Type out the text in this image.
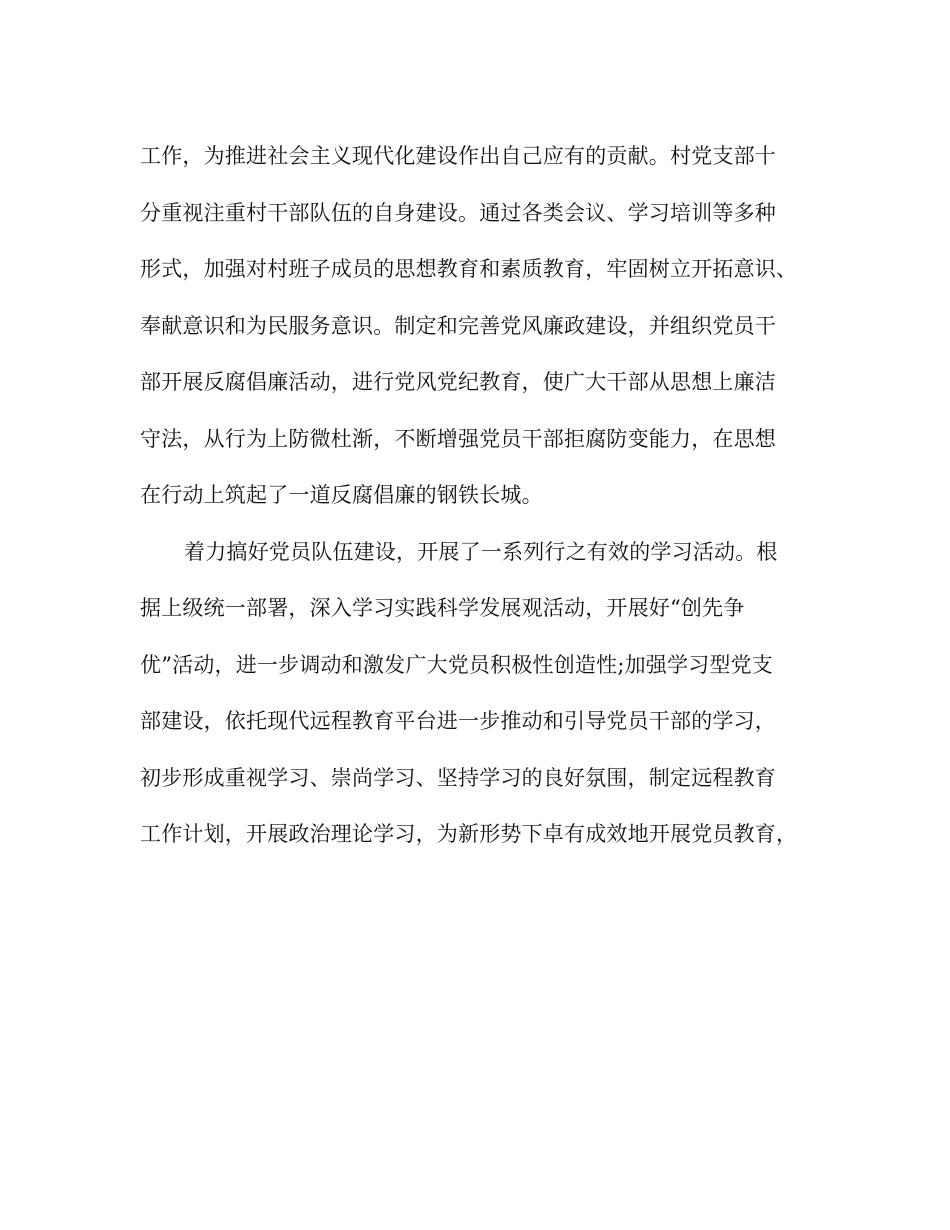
工作，为推进社会主义现代化建设作出自己应有的贡献。村党支部十
分重视注重村干部队伍的自身建设。通过各类会议、学习培训等多种
形式，加强对村班子成员的思想教育和素质教育，牢固树立开拓意识、
奉献意识和为民服务意识。制定和完善党风廉政建设，并组织党员干
部开展反腐倡廉活动，进行党风党纪教育，使广大干部从思想上廉洁
守法，从行为上防微杜渐，不断增强党员干部拒腐防变能力，在思想
在行动上筑起了一道反腐倡廉的钢铁长城。
着力搞好党员队伍建设，开展了一系列行之有效的学习活动。根
据上级统一部署，深入学习实践科学发展观活动，开展好“创先争
优”活动，进一步调动和激发广大党员积极性创造性;加强学习型党支
部建设，依托现代远程教育平台进一步推动和引导党员干部的学习，
初步形成重视学习、崇尚学习、坚持学习的良好氛围，制定远程教育
工作计划，开展政治理论学习，为新形势下卓有成效地开展党员教育，
